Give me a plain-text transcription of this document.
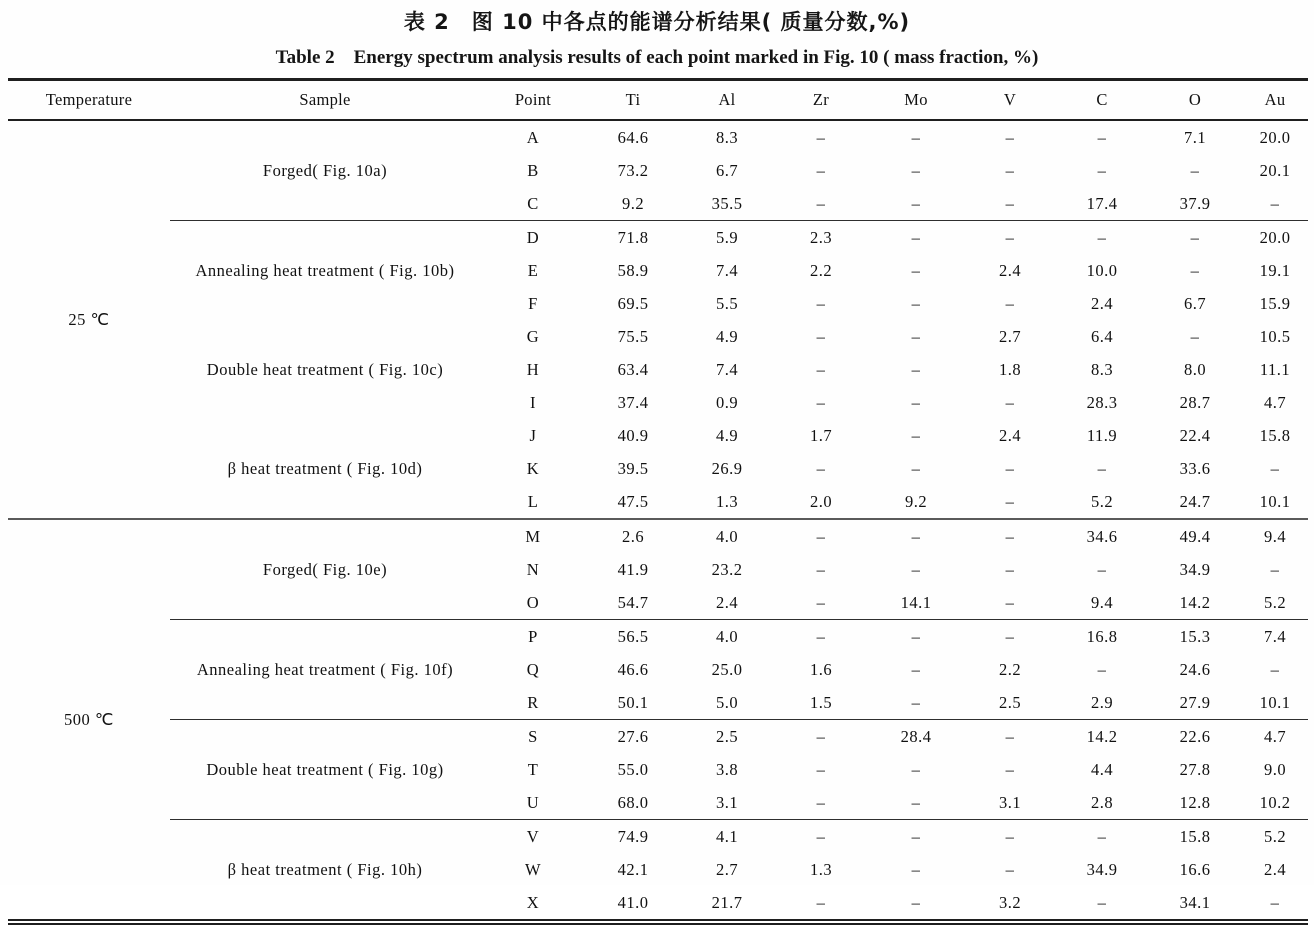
表 2　图 10 中各点的能谱分析结果( 质量分数,%)
Table 2　Energy spectrum analysis results of each point marked in Fig. 10 ( mass fraction, %)
Temperature	Sample	Point	Ti	Al	Zr	Mo	V	C	O	Au
25 ℃	Forged( Fig. 10a)	A	64.6	8.3	–	–	–	–	7.1	20.0
		B	73.2	6.7	–	–	–	–	–	20.1
		C	9.2	35.5	–	–	–	17.4	37.9	–
	Annealing heat treatment ( Fig. 10b)	D	71.8	5.9	2.3	–	–	–	–	20.0
		E	58.9	7.4	2.2	–	2.4	10.0	–	19.1
		F	69.5	5.5	–	–	–	2.4	6.7	15.9
	Double heat treatment ( Fig. 10c)	G	75.5	4.9	–	–	2.7	6.4	–	10.5
		H	63.4	7.4	–	–	1.8	8.3	8.0	11.1
		I	37.4	0.9	–	–	–	28.3	28.7	4.7
	β heat treatment ( Fig. 10d)	J	40.9	4.9	1.7	–	2.4	11.9	22.4	15.8
		K	39.5	26.9	–	–	–	–	33.6	–
		L	47.5	1.3	2.0	9.2	–	5.2	24.7	10.1
500 ℃	Forged( Fig. 10e)	M	2.6	4.0	–	–	–	34.6	49.4	9.4
		N	41.9	23.2	–	–	–	–	34.9	–
		O	54.7	2.4	–	14.1	–	9.4	14.2	5.2
	Annealing heat treatment ( Fig. 10f)	P	56.5	4.0	–	–	–	16.8	15.3	7.4
		Q	46.6	25.0	1.6	–	2.2	–	24.6	–
		R	50.1	5.0	1.5	–	2.5	2.9	27.9	10.1
	Double heat treatment ( Fig. 10g)	S	27.6	2.5	–	28.4	–	14.2	22.6	4.7
		T	55.0	3.8	–	–	–	4.4	27.8	9.0
		U	68.0	3.1	–	–	3.1	2.8	12.8	10.2
	β heat treatment ( Fig. 10h)	V	74.9	4.1	–	–	–	–	15.8	5.2
		W	42.1	2.7	1.3	–	–	34.9	16.6	2.4
		X	41.0	21.7	–	–	3.2	–	34.1	–
